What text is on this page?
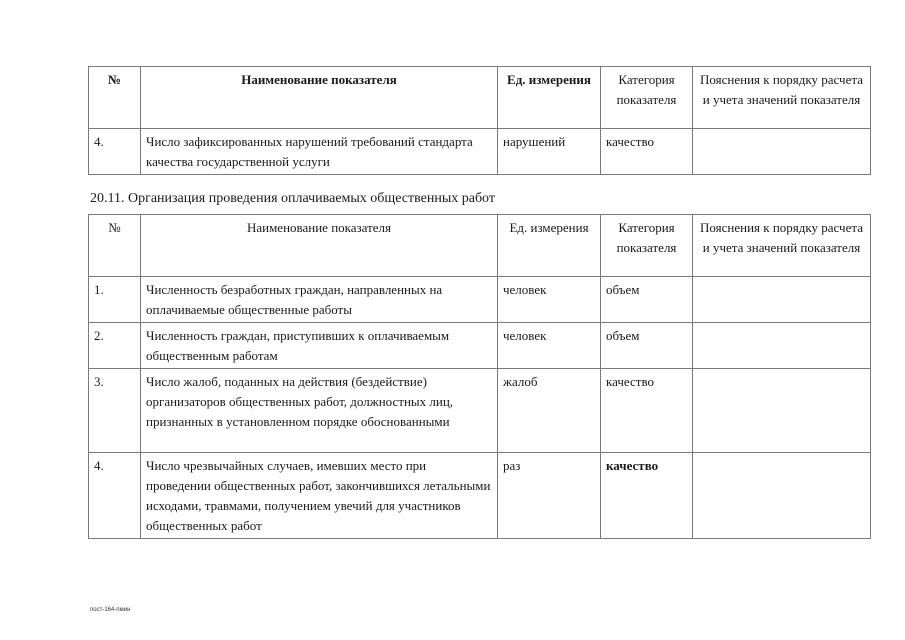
№	Наименование показателя	Ед. измерения	Категория показателя	Пояснения к порядку расчета и учета значений показателя
4.	Число зафиксированных нарушений требований стандарта качества государственной услуги	нарушений	качество	
20.11. Организация проведения оплачиваемых общественных работ
№	Наименование показателя	Ед. измерения	Категория показателя	Пояснения к порядку расчета и учета значений показателя
1.	Численность безработных граждан, направленных на оплачиваемые общественные работы	человек	объем	
2.	Численность граждан, приступивших к оплачиваемым общественным работам	человек	объем	
3.	Число жалоб, поданных на действия (бездействие) организаторов общественных работ, должностных лиц, признанных в установленном порядке обоснованными	жалоб	качество	
4.	Число чрезвычайных случаев, имевших место при проведении общественных работ, закончившихся летальными исходами, травмами, получением увечий для участников общественных работ	раз	качество	
пост-164-пмин
